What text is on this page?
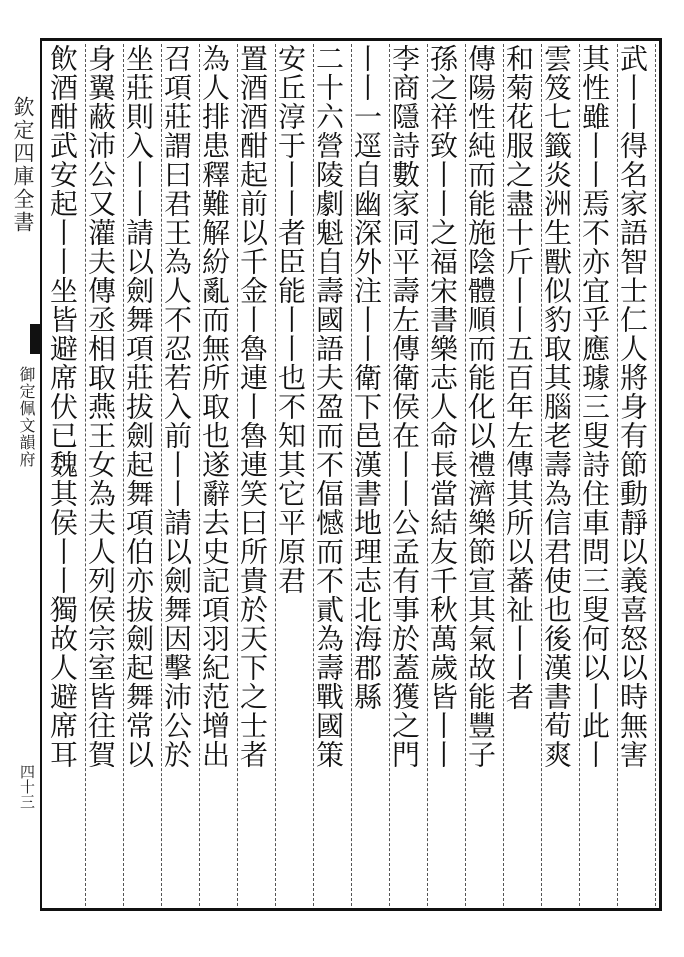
欽定四庫全書
御定佩文韻府
四十三
武丨丨得名家語智士仁人將身有節動靜以義喜怒以時無害
其性雖丨丨焉不亦宜乎應璩三叟詩住車問三叟何以丨此丨
雲笈七籤炎洲生獸似豹取其腦老壽為信君使也後漢書荀爽
和菊花服之盡十斤丨丨五百年左傳其所以蕃祉丨丨者
傳陽性純而能施陰體順而能化以禮濟樂節宣其氣故能豐子
孫之祥致丨丨之福宋書樂志人命長當結友千秋萬歲皆丨丨
李商隱詩數家同平壽左傳衛侯在丨丨公孟有事於蓋獲之門
丨丨一逕自幽深外注丨丨衛下邑漢書地理志北海郡縣
二十六營陵劇魁自壽國語夫盈而不偪憾而不貳為壽戰國策
安丘淳于丨丨者臣能丨丨也不知其它平原君
置酒酒酣起前以千金丨魯連丨魯連笑曰所貴於天下之士者
為人排患釋難解紛亂而無所取也遂辭去史記項羽紀范增出
召項莊謂曰君王為人不忍若入前丨丨請以劍舞因擊沛公於
坐莊則入丨丨請以劍舞項莊拔劍起舞項伯亦拔劍起舞常以
身翼蔽沛公又灌夫傳丞相取燕王女為夫人列侯宗室皆往賀
飲酒酣武安起丨丨坐皆避席伏已魏其侯丨丨獨故人避席耳
